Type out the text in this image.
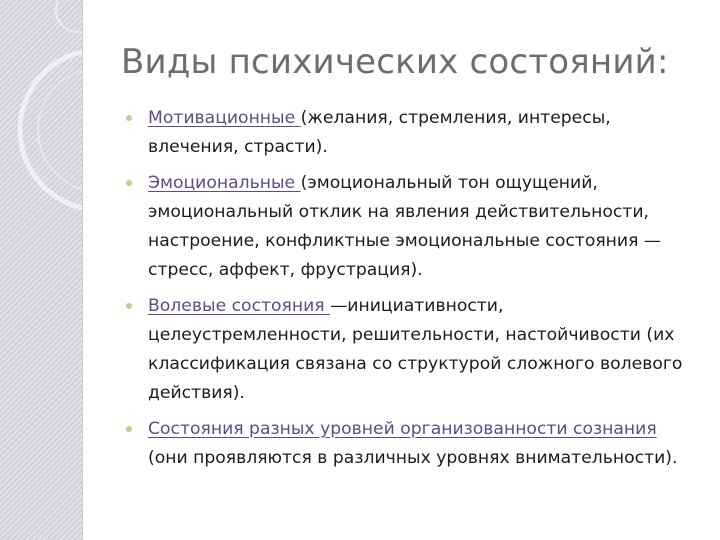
Виды психических состояний:
Мотивационные (желания, стремления, интересы, влечения, страсти).
Эмоциональные (эмоциональный тон ощущений, эмоциональный отклик на явления действительности, настроение, конфликтные эмоциональные состояния —стресс, аффект, фрустрация).
Волевые состояния —инициативности, целеустремленности, решительности, настойчивости (их классификация связана со структурой сложного волевого действия).
Состояния разных уровней организованности сознания (они проявляются в различных уровнях внимательности).
